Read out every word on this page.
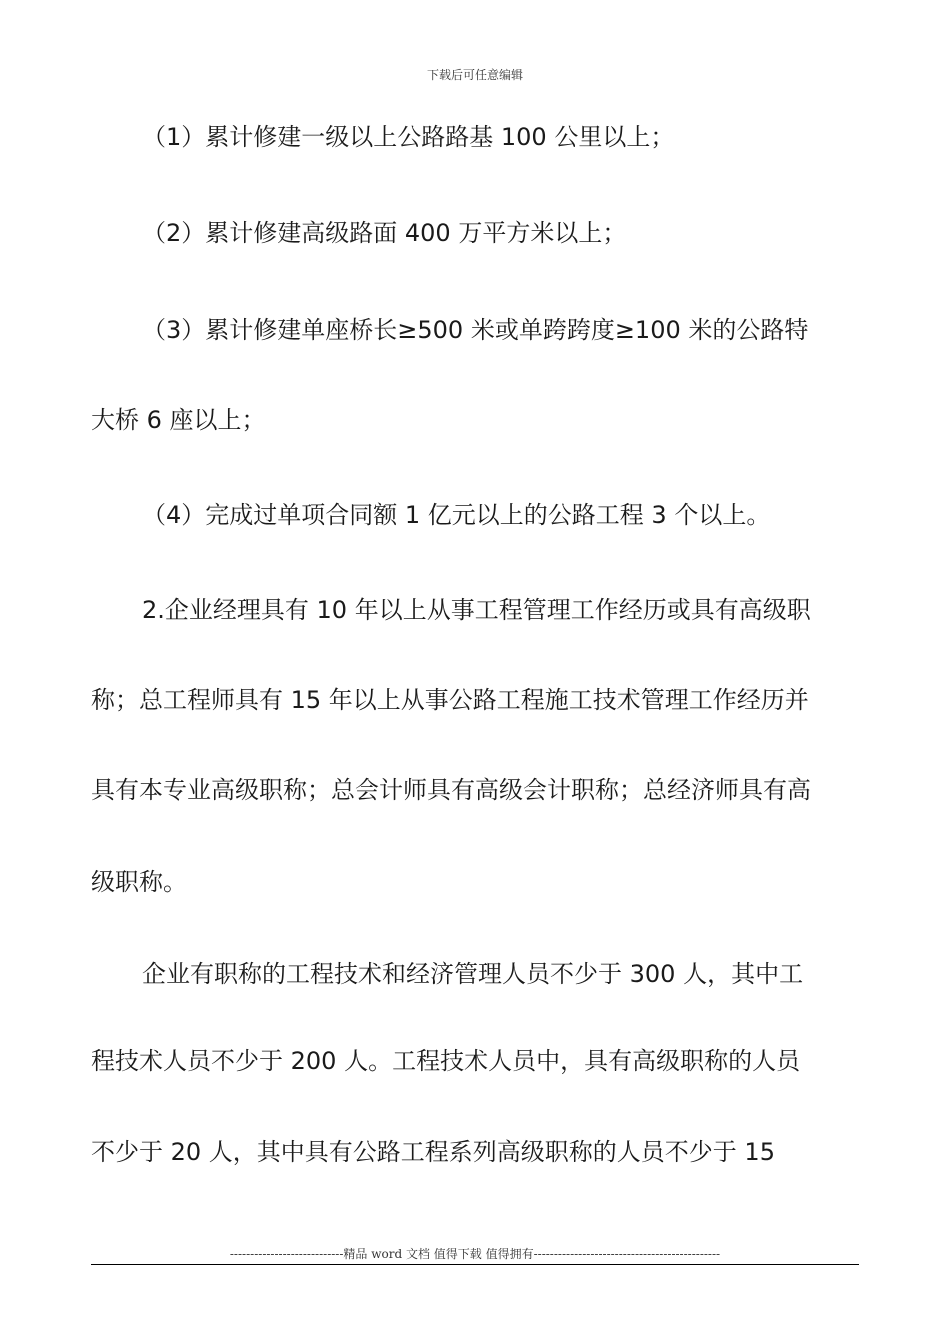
下载后可任意编辑
（1）累计修建一级以上公路路基 100 公里以上；
（2）累计修建高级路面 400 万平方米以上；
（3）累计修建单座桥长≥500 米或单跨跨度≥100 米的公路特
大桥 6 座以上；
（4）完成过单项合同额 1 亿元以上的公路工程 3 个以上。
2.企业经理具有 10 年以上从事工程管理工作经历或具有高级职
称；总工程师具有 15 年以上从事公路工程施工技术管理工作经历并
具有本专业高级职称；总会计师具有高级会计职称；总经济师具有高
级职称。
企业有职称的工程技术和经济管理人员不少于 300 人，其中工
程技术人员不少于 200 人。工程技术人员中，具有高级职称的人员
不少于 20 人，其中具有公路工程系列高级职称的人员不少于 15
----------------------------精品 word 文档 值得下载 值得拥有----------------------------------------------
